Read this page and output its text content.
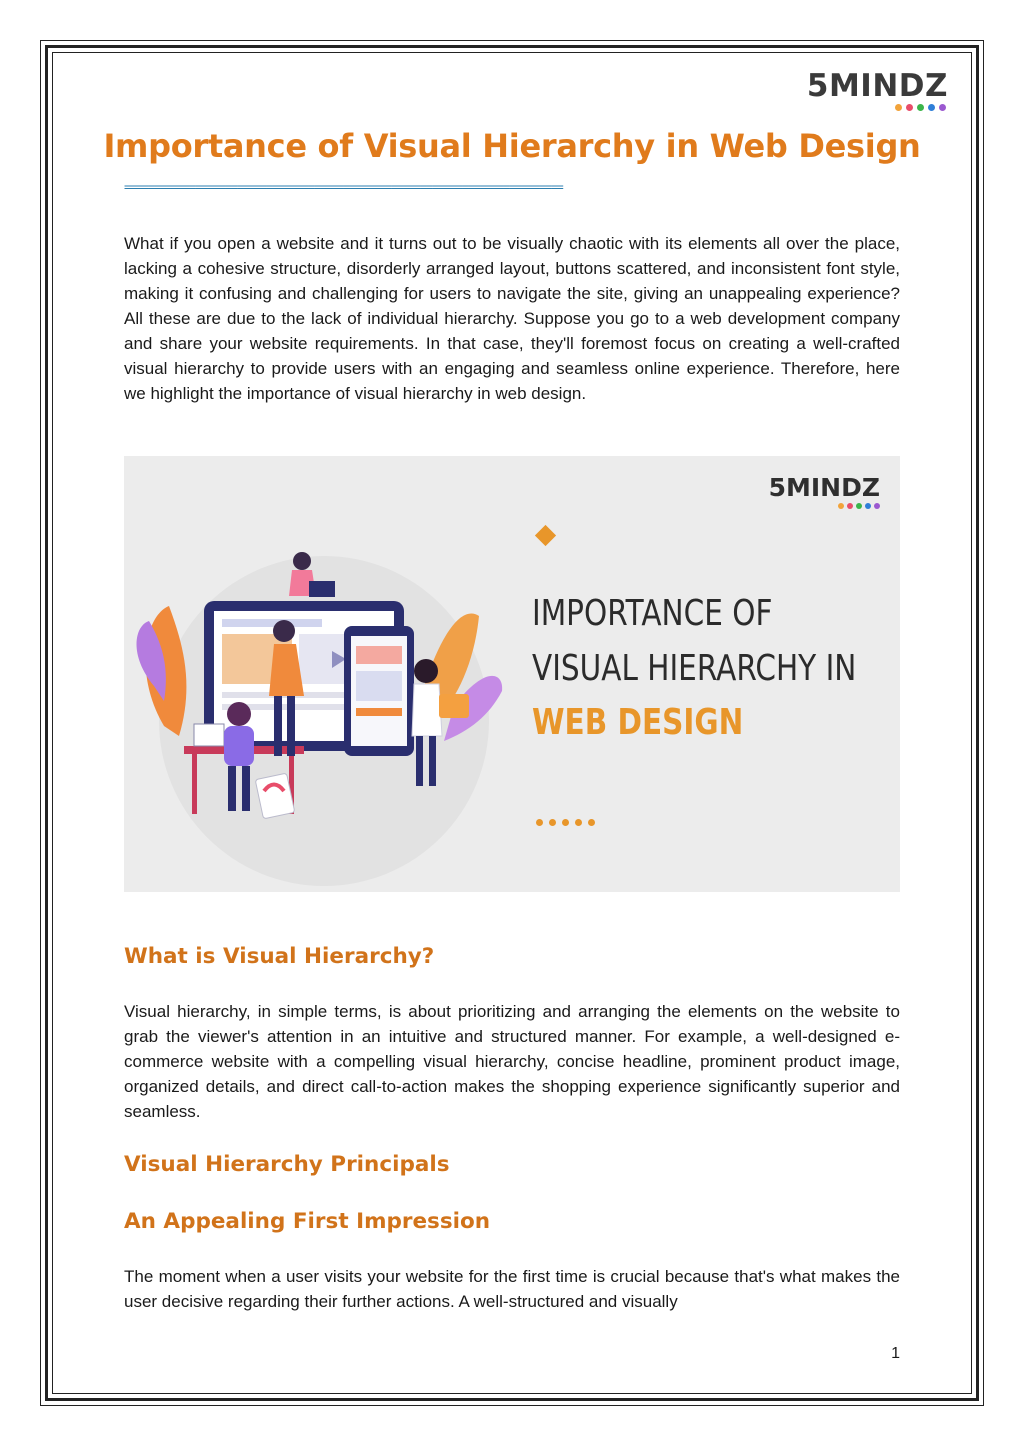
5MINDZ
Importance of Visual Hierarchy in Web Design
==========================================================================

What if you open a website and it turns out to be visually chaotic with its elements all over the place, lacking a cohesive structure, disorderly arranged layout, buttons scattered, and inconsistent font style, making it confusing and challenging for users to navigate the site, giving an unappealing experience? All these are due to the lack of individual hierarchy. Suppose you go to a web development company and share your website requirements. In that case, they'll foremost focus on creating a well-crafted visual hierarchy to provide users with an engaging and seamless online experience. Therefore, here we highlight the importance of visual hierarchy in web design.

5MINDZ
IMPORTANCE OF
VISUAL HIERARCHY IN
WEB DESIGN
What is Visual Hierarchy?

Visual hierarchy, in simple terms, is about prioritizing and arranging the elements on the website to grab the viewer's attention in an intuitive and structured manner. For example, a well-designed e-commerce website with a compelling visual hierarchy, concise headline, prominent product image, organized details, and direct call-to-action makes the shopping experience significantly superior and seamless.

Visual Hierarchy Principals
An Appealing First Impression

The moment when a user visits your website for the first time is crucial because that's what makes the user decisive regarding their further actions. A well-structured and visually

1
